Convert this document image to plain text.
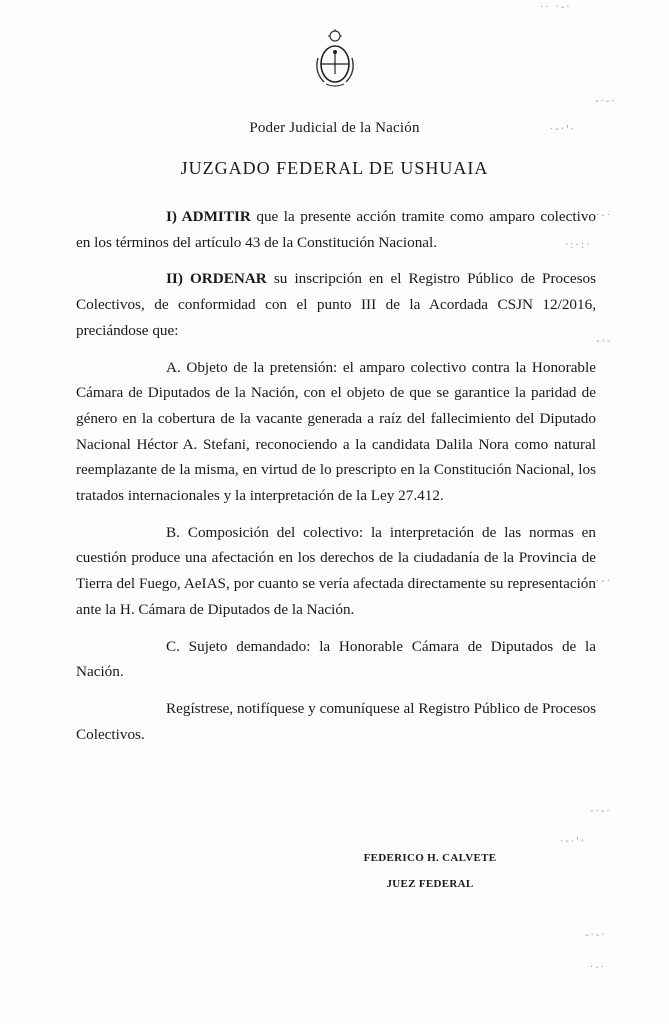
Poder Judicial de la Nación
JUZGADO FEDERAL DE USHUAIA

I) ADMITIR que la presente acción tramite como amparo colectivo en los términos del artículo 43 de la Constitución Nacional.

II) ORDENAR su inscripción en el Registro Público de Procesos Colectivos, de conformidad con el punto III de la Acordada CSJN 12/2016, preciándose que:

A. Objeto de la pretensión: el amparo colectivo contra la Honorable Cámara de Diputados de la Nación, con el objeto de que se garantice la paridad de género en la cobertura de la vacante generada a raíz del fallecimiento del Diputado Nacional Héctor A. Stefani, reconociendo a la candidata Dalila Nora como natural reemplazante de la misma, en virtud de lo prescripto en la Constitución Nacional, los tratados internacionales y la interpretación de la Ley 27.412.

B. Composición del colectivo: la interpretación de las normas en cuestión produce una afectación en los derechos de la ciudadanía de la Provincia de Tierra del Fuego, AeIAS, por cuanto se vería afectada directamente su representación ante la H. Cámara de Diputados de la Nación.

C. Sujeto demandado: la Honorable Cámara de Diputados de la Nación.

Regístrese, notifíquese y comuníquese al Registro Público de Procesos Colectivos.

FEDERICO H. CALVETE
JUEZ FEDERAL
-·-·
·-·'·
·-·
·:·:·
-·-
·-·
-·-·
·-·'·
-·-·
·-·
·· ·-·
